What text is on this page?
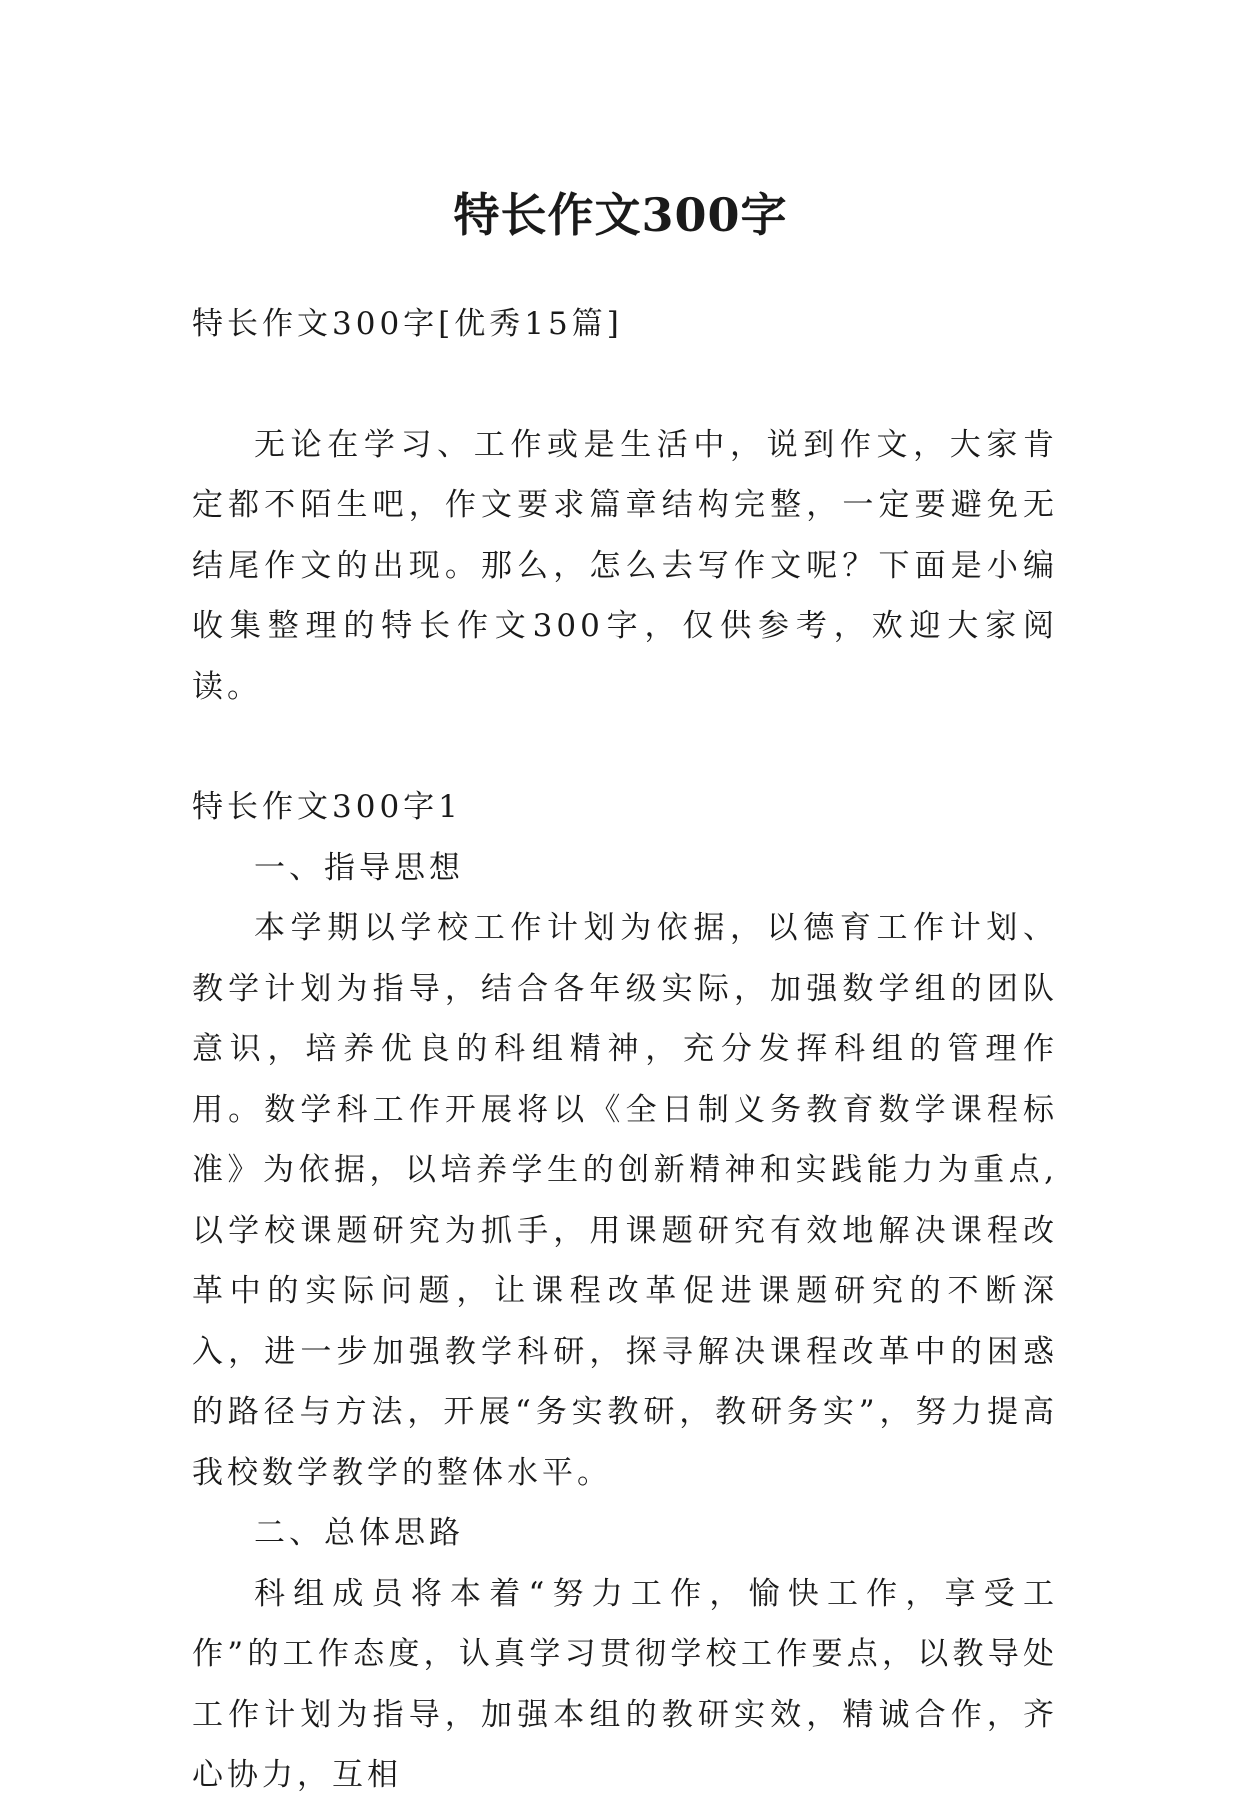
特长作文300字

特长作文300字[优秀15篇]

无论在学习、工作或是生活中，说到作文，大家肯定都不陌生吧，作文要求篇章结构完整，一定要避免无结尾作文的出现。那么，怎么去写作文呢？下面是小编收集整理的特长作文300字，仅供参考，欢迎大家阅读。

特长作文300字1

一、指导思想

本学期以学校工作计划为依据，以德育工作计划、教学计划为指导，结合各年级实际，加强数学组的团队意识，培养优良的科组精神，充分发挥科组的管理作用。数学科工作开展将以《全日制义务教育数学课程标准》为依据，以培养学生的创新精神和实践能力为重点,以学校课题研究为抓手，用课题研究有效地解决课程改革中的实际问题，让课程改革促进课题研究的不断深入，进一步加强教学科研，探寻解决课程改革中的困惑的路径与方法，开展“务实教研，教研务实”，努力提高我校数学教学的整体水平。

二、总体思路

科组成员将本着“努力工作，愉快工作，享受工作”的工作态度，认真学习贯彻学校工作要点，以教导处工作计划为指导，加强本组的教研实效，精诚合作，齐心协力，互相
